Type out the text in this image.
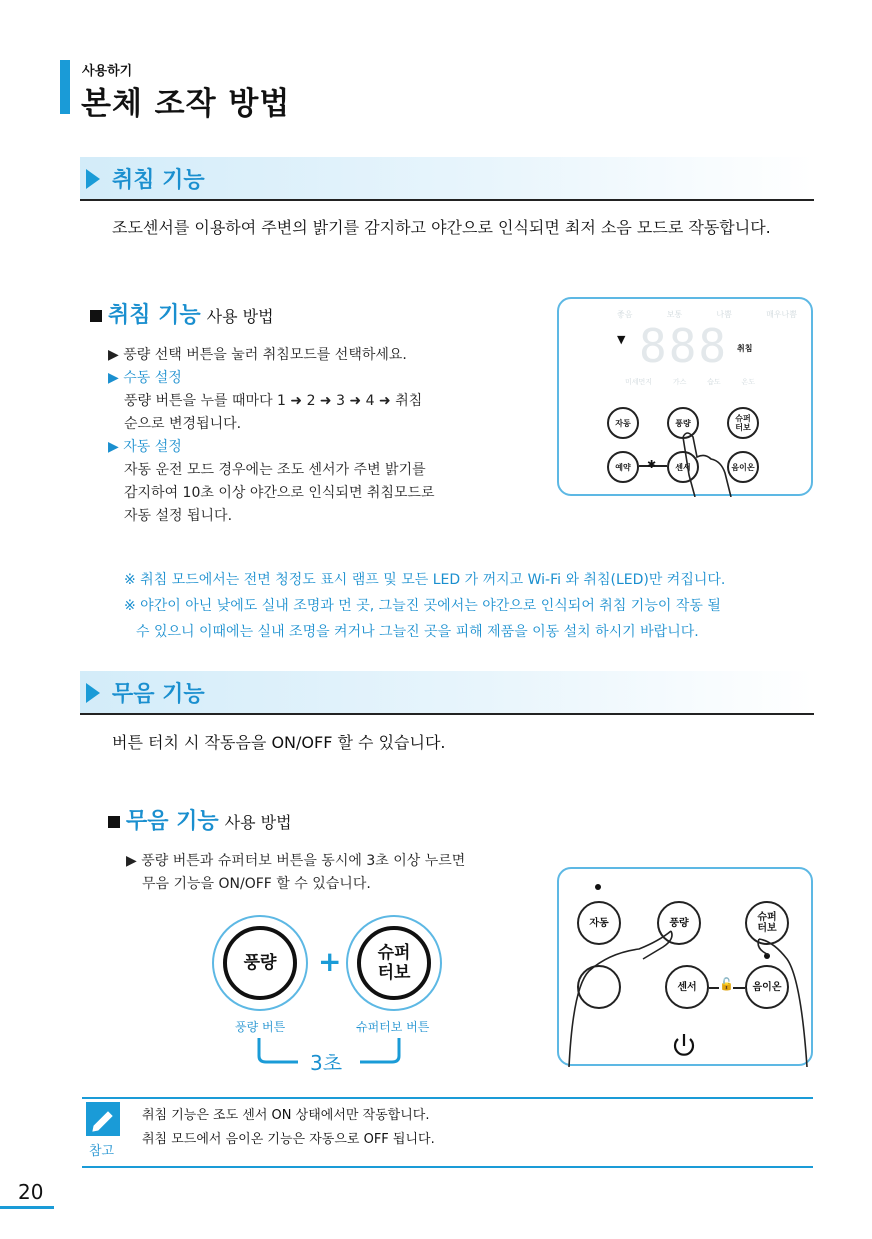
사용하기
본체 조작 방법
취침 기능
조도센서를 이용하여 주변의 밝기를 감지하고 야간으로 인식되면 최저 소음 모드로 작동합니다.
취침 기능 사용 방법
▶ 풍량 선택 버튼을 눌러 취침모드를 선택하세요.
▶ 수동 설정
풍량 버튼을 누를 때마다 1 ➜ 2 ➜ 3 ➜ 4 ➜ 취침
순으로 변경됩니다.
▶ 자동 설정
자동 운전 모드 경우에는 조도 센서가 주변 밝기를
감지하여 10초 이상 야간으로 인식되면 취침모드로
자동 설정 됩니다.
좋음	보통	나쁨	매우나쁨
▼ 888 취침
미세먼지	가스	습도	온도
자동	풍량	슈퍼
터보
예약	✱	센서	음이온
※ 취침 모드에서는 전면 청정도 표시 램프 및 모든 LED 가 꺼지고 Wi-Fi 와 취침(LED)만 켜집니다.
※ 야간이 아닌 낮에도 실내 조명과 먼 곳, 그늘진 곳에서는 야간으로 인식되어 취침 기능이 작동 될
수 있으니 이때에는 실내 조명을 켜거나 그늘진 곳을 피해 제품을 이동 설치 하시기 바랍니다.
무음 기능
버튼 터치 시 작동음을 ON/OFF 할 수 있습니다.
무음 기능 사용 방법
▶ 풍량 버튼과 슈퍼터보 버튼을 동시에 3초 이상 누르면
무음 기능을 ON/OFF 할 수 있습니다.
풍량	+ 슈퍼
터보
풍량 버튼	슈퍼터보 버튼
3초
자동	풍량	슈퍼
터보
센서	🔓	음이온
참고
취침 기능은 조도 센서 ON 상태에서만 작동합니다.
취침 모드에서 음이온 기능은 자동으로 OFF 됩니다.
20
